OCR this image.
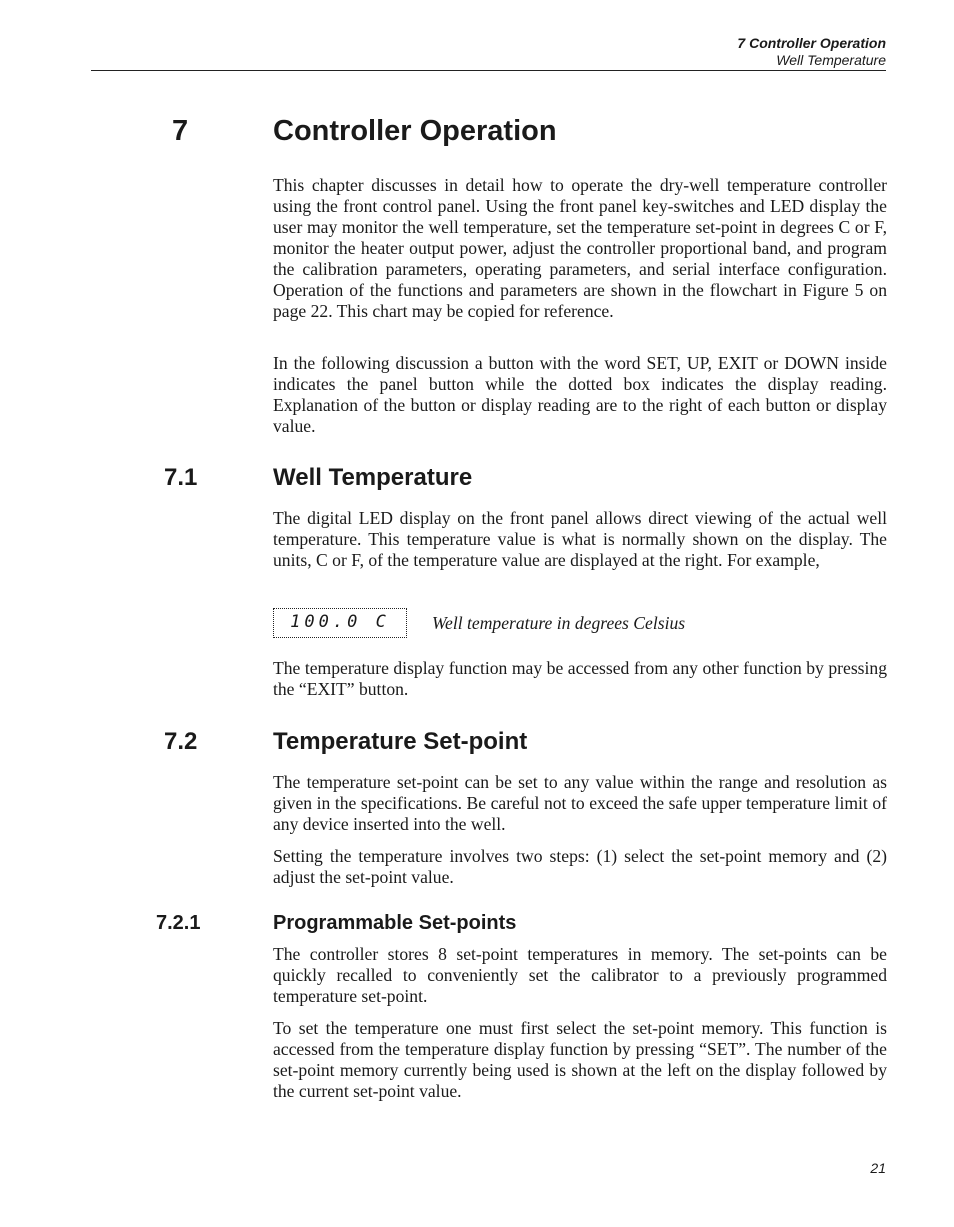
7 Controller Operation
Well Temperature
7	Controller Operation

This chapter discusses in detail how to operate the dry-well temperature controller using the front control panel. Using the front panel key-switches and LED display the user may monitor the well temperature, set the temperature set-point in degrees C or F, monitor the heater output power, adjust the controller proportional band, and program the calibration parameters, operating parameters, and serial interface configuration. Operation of the functions and parameters are shown in the flowchart in Figure 5 on page 22. This chart may be copied for reference.

In the following discussion a button with the word SET, UP, EXIT or DOWN inside indicates the panel button while the dotted box indicates the display reading. Explanation of the button or display reading are to the right of each button or display value.

7.1	Well Temperature

The digital LED display on the front panel allows direct viewing of the actual well temperature. This temperature value is what is normally shown on the display. The units, C or F, of the temperature value are displayed at the right. For example,

100.0 C	Well temperature in degrees Celsius

The temperature display function may be accessed from any other function by pressing the “EXIT” button.

7.2	Temperature Set-point

The temperature set-point can be set to any value within the range and resolution as given in the specifications. Be careful not to exceed the safe upper temperature limit of any device inserted into the well.

Setting the temperature involves two steps: (1) select the set-point memory and (2) adjust the set-point value.

7.2.1	Programmable Set-points

The controller stores 8 set-point temperatures in memory. The set-points can be quickly recalled to conveniently set the calibrator to a previously programmed temperature set-point.

To set the temperature one must first select the set-point memory. This function is accessed from the temperature display function by pressing “SET”. The number of the set-point memory currently being used is shown at the left on the display followed by the current set-point value.

21
